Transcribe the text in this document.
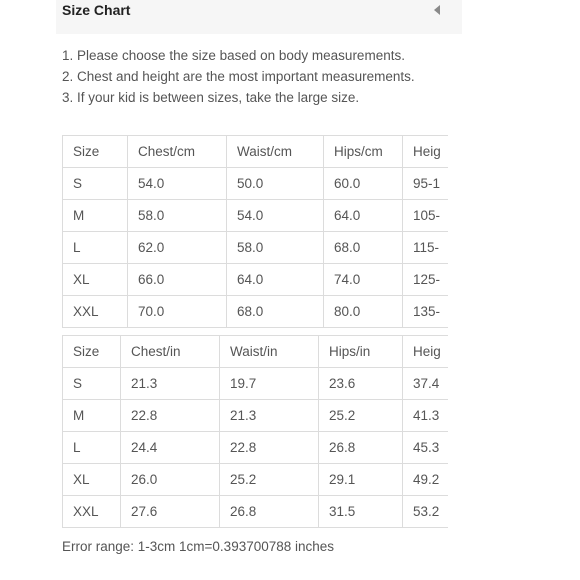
Size Chart
1. Please choose the size based on body measurements.
2. Chest and height are the most important measurements.
3. If your kid is between sizes, take the large size.
Size	Chest/cm	Waist/cm	Hips/cm	Heig
S	54.0	50.0	60.0	95-1
M	58.0	54.0	64.0	105-
L	62.0	58.0	68.0	115-
XL	66.0	64.0	74.0	125-
XXL	70.0	68.0	80.0	135-
Size	Chest/in	Waist/in	Hips/in	Heig
S	21.3	19.7	23.6	37.4
M	22.8	21.3	25.2	41.3
L	24.4	22.8	26.8	45.3
XL	26.0	25.2	29.1	49.2
XXL	27.6	26.8	31.5	53.2
Error range: 1-3cm 1cm=0.393700788 inches
